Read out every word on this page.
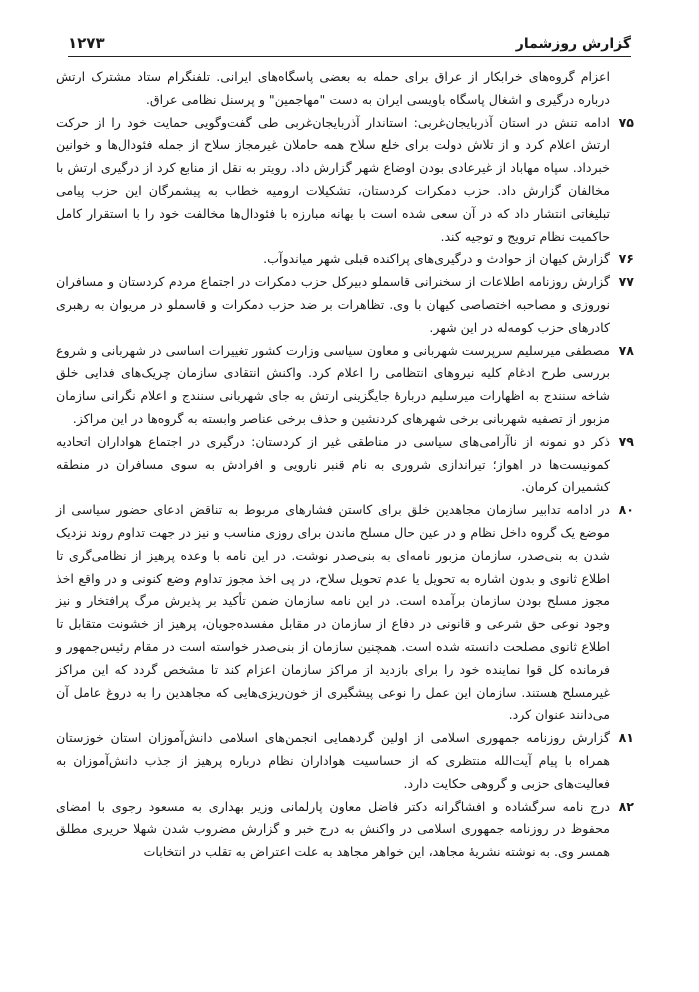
گزارش روزشمار
۱۲۷۳

اعزام گروه‌های خرابکار از عراق برای حمله به بعضی پاسگاه‌های ایرانی. تلفنگرام ستاد مشترک ارتش درباره درگیری و اشغال پاسگاه باویسی ایران به دست "مهاجمین" و پرسنل نظامی عراق.

۷۵
ادامه تنش در استان آذربایجان‌غربی: استاندار آذربایجان‌غربی طی گفت‌وگویی حمایت خود را از حرکت ارتش اعلام کرد و از تلاش دولت برای خلع سلاح همه حاملان غیرمجاز سلاح از جمله فئودال‌ها و خوانین خبرداد. سپاه مهاباد از غیرعادی بودن اوضاع شهر گزارش داد. رویتر به نقل از منابع کرد از درگیری ارتش با مخالفان گزارش داد. حزب دمکرات کردستان، تشکیلات ارومیه خطاب به پیشمرگان این حزب پیامی تبلیغاتی انتشار داد که در آن سعی شده است با بهانه مبارزه با فئودال‌ها مخالفت خود را با استقرار کامل حاکمیت نظام ترویج و توجیه کند.

۷۶
گزارش کیهان از حوادث و درگیری‌های پراکنده قبلی شهر میاندوآب.

۷۷
گزارش روزنامه اطلاعات از سخنرانی قاسملو دبیرکل حزب دمکرات در اجتماع مردم کردستان و مسافران نوروزی و مصاحبه اختصاصی کیهان با وی. تظاهرات بر ضد حزب دمکرات و قاسملو در مریوان به رهبری کادرهای حزب کومه‌له در این شهر.

۷۸
مصطفی میرسلیم سرپرست شهربانی و معاون سیاسی وزارت کشور تغییرات اساسی در شهربانی و شروع بررسی طرح ادغام کلیه نیروهای انتظامی را اعلام کرد. واکنش انتقادی سازمان چریک‌های فدایی خلق شاخه سنندج به اظهارات میرسلیم دربارهٔ جایگزینی ارتش به جای شهربانی سنندج و اعلام نگرانی سازمان مزبور از تصفیه شهربانی برخی شهرهای کردنشین و حذف برخی عناصر وابسته به گروه‌ها در این مراکز.

۷۹
ذکر دو نمونه از ناآرامی‌های سیاسی در مناطقی غیر از کردستان: درگیری در اجتماع هواداران اتحادیه کمونیست‌ها در اهواز؛ تیراندازی شروری به نام قنبر نارویی و افرادش به سوی مسافران در منطقه کشمیران کرمان.

۸۰
در ادامه تدابیر سازمان مجاهدین خلق برای کاستن فشارهای مربوط به تناقض ادعای حضور سیاسی از موضع یک گروه داخل نظام و در عین حال مسلح ماندن برای روزی مناسب و نیز در جهت تداوم روند نزدیک شدن به بنی‌صدر، سازمان مزبور نامه‌ای به بنی‌صدر نوشت. در این نامه با وعده پرهیز از نظامی‌گری تا اطلاع ثانوی و بدون اشاره به تحویل یا عدم تحویل سلاح، در پی اخذ مجوز تداوم وضع کنونی و در واقع اخذ مجوز مسلح بودن سازمان برآمده است. در این نامه سازمان ضمن تأکید بر پذیرش مرگ پرافتخار و نیز وجود نوعی حق شرعی و قانونی در دفاع از سازمان در مقابل مفسده‌جویان، پرهیز از خشونت متقابل تا اطلاع ثانوی مصلحت دانسته شده است. همچنین سازمان از بنی‌صدر خواسته است در مقام رئیس‌جمهور و فرمانده کل قوا نماینده خود را برای بازدید از مراکز سازمان اعزام کند تا مشخص گردد که این مراکز غیرمسلح هستند. سازمان این عمل را نوعی پیشگیری از خون‌ریزی‌هایی که مجاهدین را به دروغ عامل آن می‌دانند عنوان کرد.

۸۱
گزارش روزنامه جمهوری اسلامی از اولین گردهمایی انجمن‌های اسلامی دانش‌آموزان استان خوزستان همراه با پیام آیت‌الله منتظری که از حساسیت هواداران نظام درباره پرهیز از جذب دانش‌آموزان به فعالیت‌های حزبی و گروهی حکایت دارد.

۸۲
درج نامه سرگشاده و افشاگرانه دکتر فاضل معاون پارلمانی وزیر بهداری به مسعود رجوی با امضای محفوظ در روزنامه جمهوری اسلامی در واکنش به درج خبر و گزارش مضروب شدن شهلا حریری مطلق همسر وی. به نوشته نشریهٔ مجاهد، این خواهر مجاهد به علت اعتراض به تقلب در انتخابات
